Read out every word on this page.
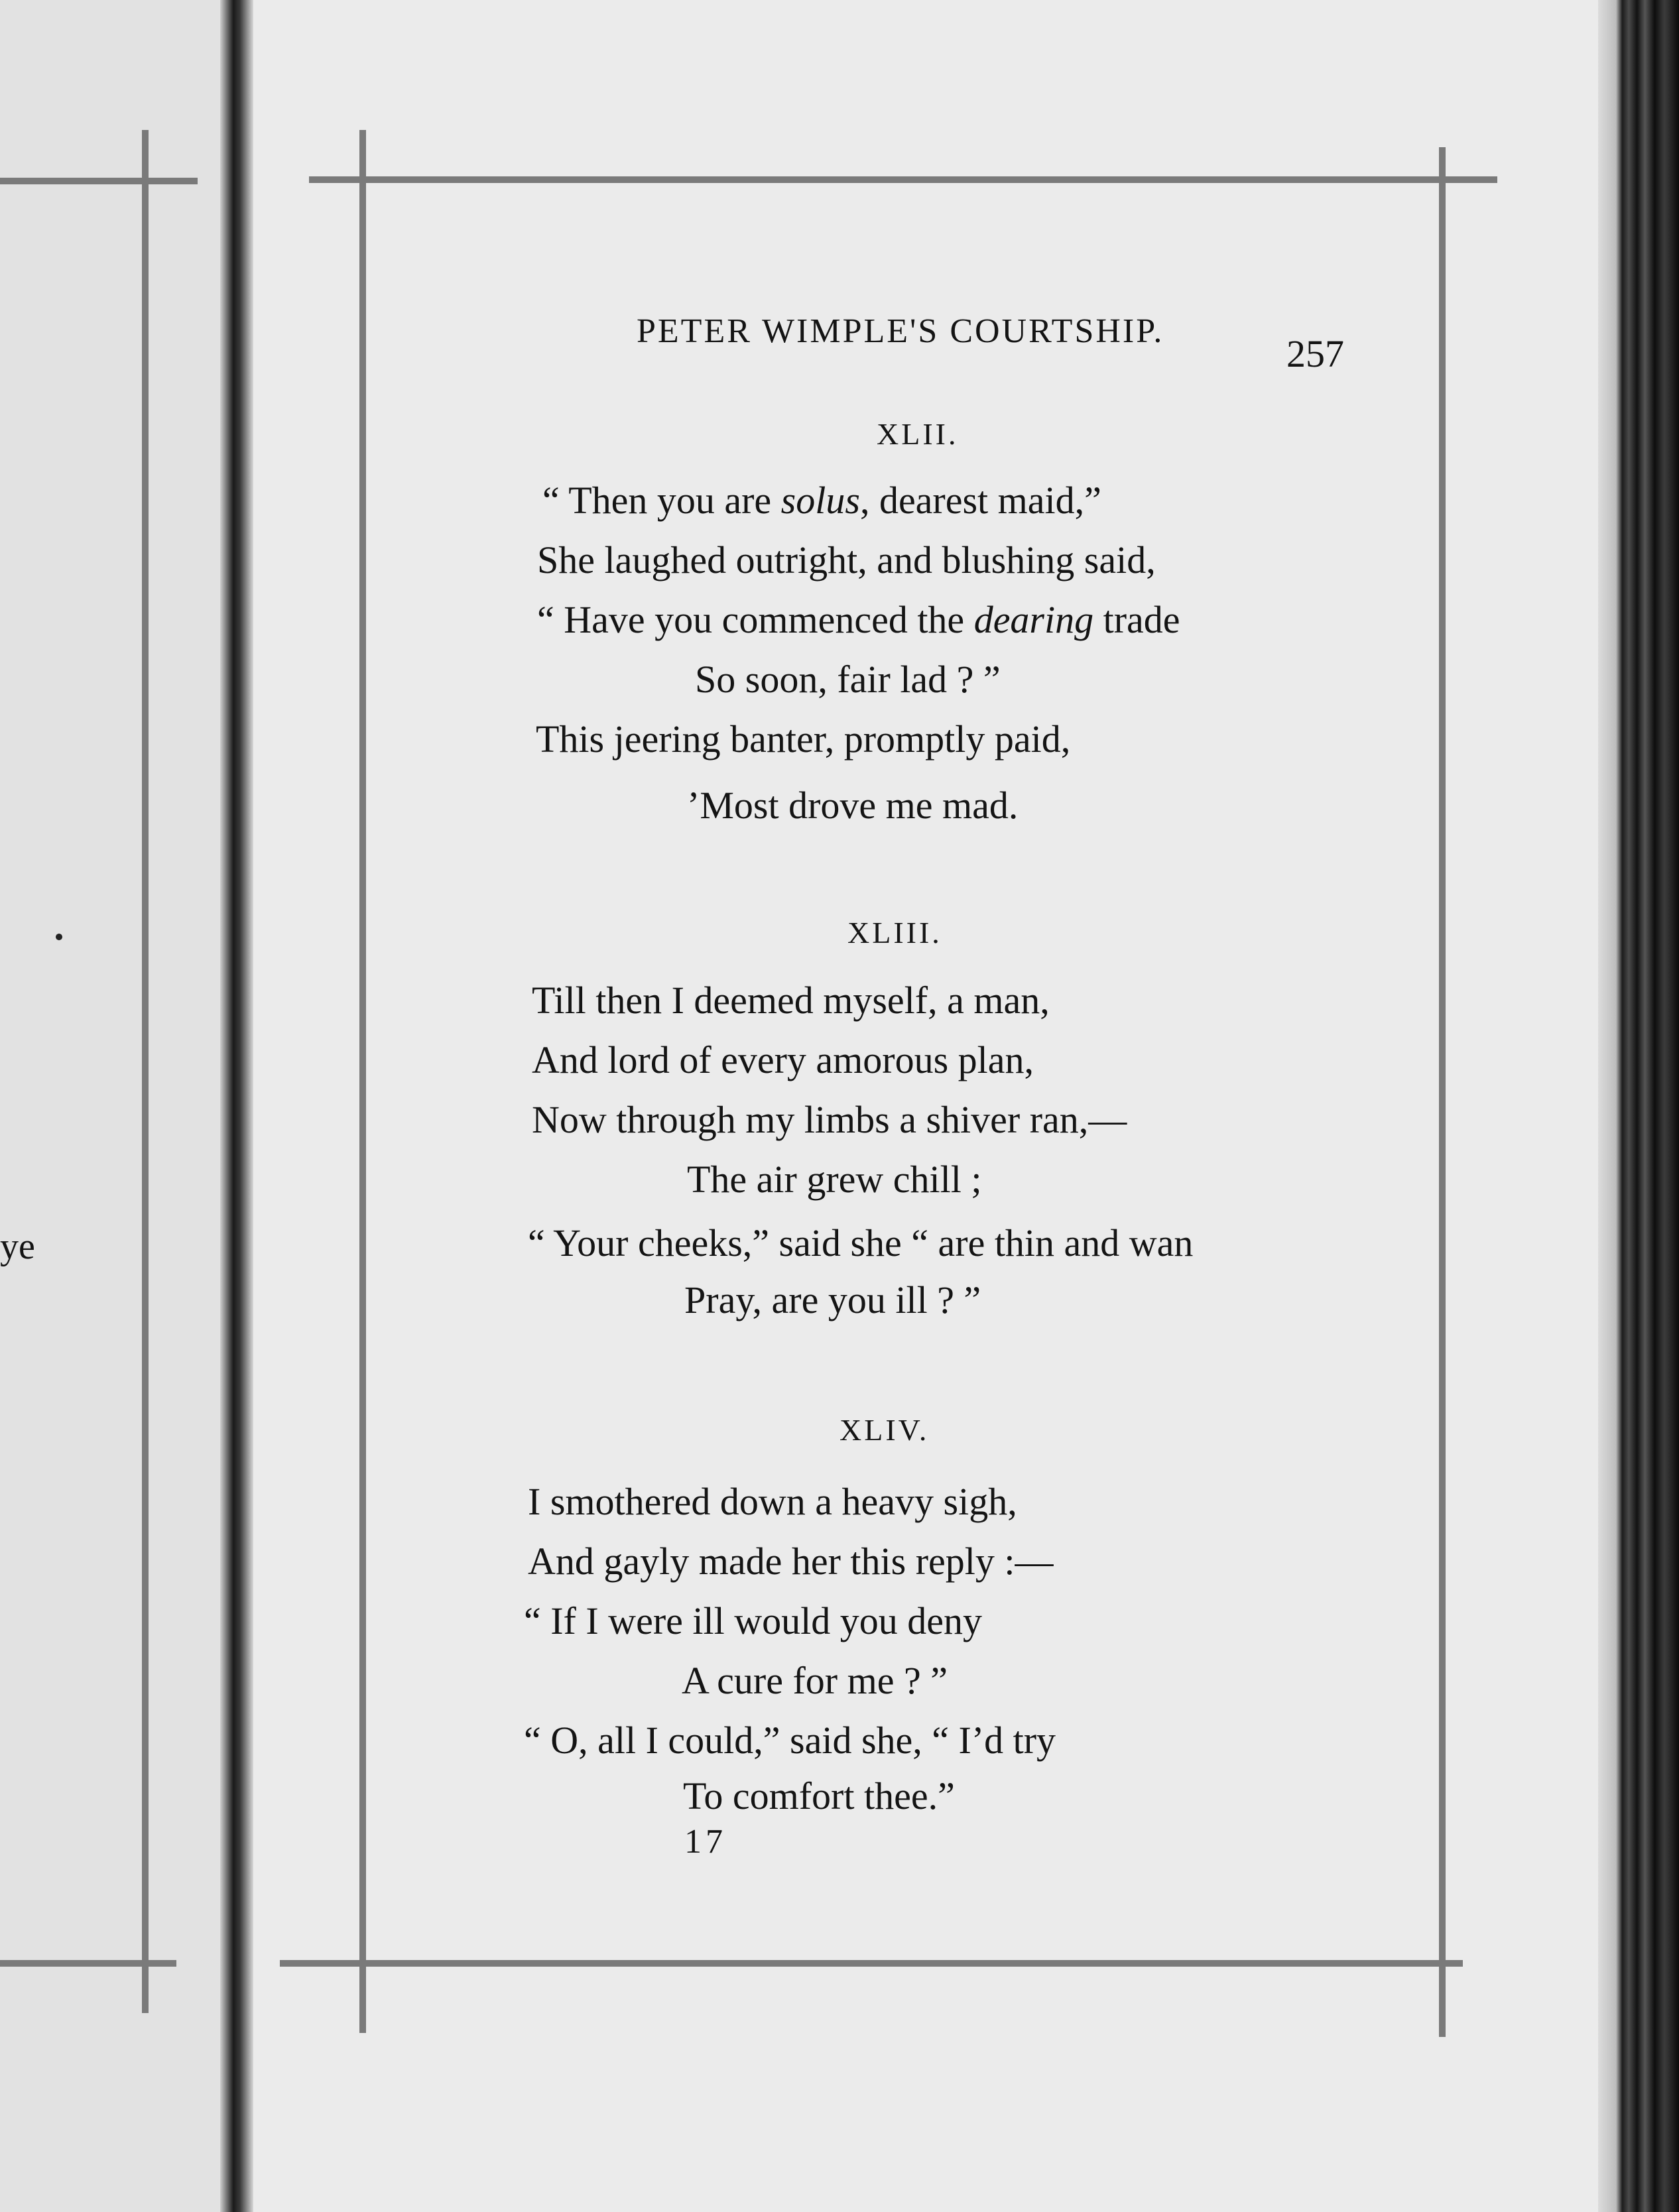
ye
PETER WIMPLE'S COURTSHIP.
257
XLII.
“ Then you are solus, dearest maid,”
She laughed outright, and blushing said,
“ Have you commenced the dearing trade
So soon, fair lad ? ”
This jeering banter, promptly paid,
’Most drove me mad.
XLIII.
Till then I deemed myself, a man,
And lord of every amorous plan,
Now through my limbs a shiver ran,—
The air grew chill ;
“ Your cheeks,” said she “ are thin and wan
Pray, are you ill ? ”
XLIV.
I smothered down a heavy sigh,
And gayly made her this reply :—
“ If I were ill would you deny
A cure for me ? ”
“ O, all I could,” said she, “ I’d try
To comfort thee.”
17
